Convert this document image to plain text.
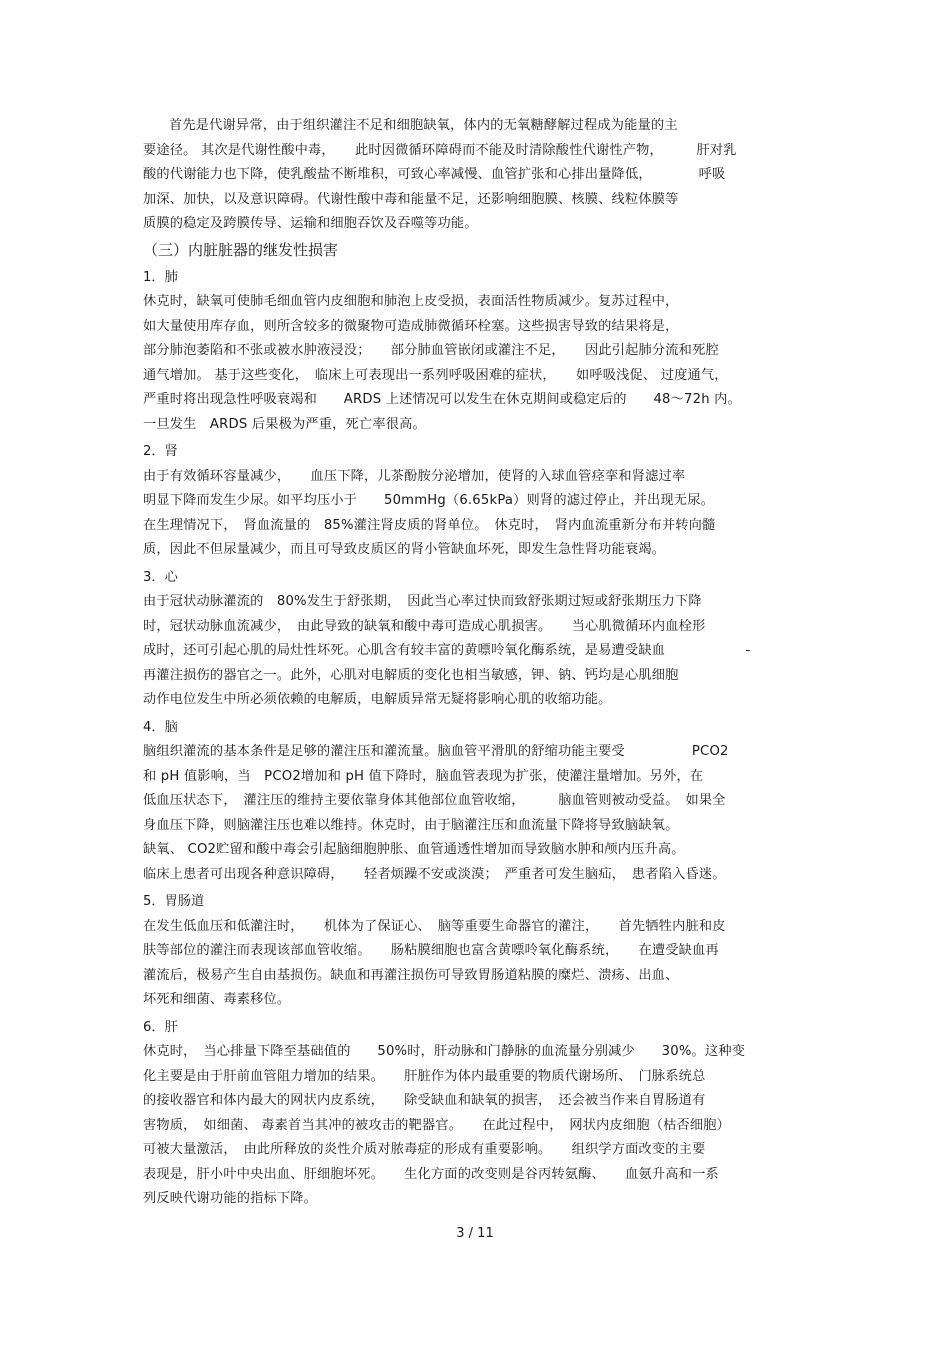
首先是代谢异常，由于组织灌注不足和细胞缺氧，体内的无氧糖酵解过程成为能量的主
要途径。 其次是代谢性酸中毒，　　此时因微循环障碍而不能及时清除酸性代谢性产物，　　　肝对乳
酸的代谢能力也下降，使乳酸盐不断堆积，可致心率减慢、血管扩张和心排出量降低，　　　　呼吸
加深、加快，以及意识障碍。代谢性酸中毒和能量不足，还影响细胞膜、核膜、线粒体膜等
质膜的稳定及跨膜传导、运输和细胞吞饮及吞噬等功能。
（三）内脏脏器的继发性损害
1．肺
休克时，缺氧可使肺毛细血管内皮细胞和肺泡上皮受损，表面活性物质减少。复苏过程中，
如大量使用库存血，则所含较多的微聚物可造成肺微循环栓塞。这些损害导致的结果将是，
部分肺泡萎陷和不张或被水肿液浸没；　　部分肺血管嵌闭或灌注不足，　　因此引起肺分流和死腔
通气增加。 基于这些变化，　临床上可表现出一系列呼吸困难的症状，　　如呼吸浅促、 过度通气，
严重时将出现急性呼吸衰竭和　　ARDS 上述情况可以发生在休克期间或稳定后的　　48～72h 内。
一旦发生　ARDS 后果极为严重，死亡率很高。
2．肾
由于有效循环容量减少，　　血压下降，儿茶酚胺分泌增加，使肾的入球血管痉挛和肾滤过率
明显下降而发生少尿。如平均压小于　　50mmHg（6.65kPa）则肾的滤过停止，并出现无尿。
在生理情况下，　肾血流量的　85%灌注肾皮质的肾单位。　休克时，　肾内血流重新分布并转向髓
质，因此不但尿量减少，而且可导致皮质区的肾小管缺血坏死，即发生急性肾功能衰竭。
3．心
由于冠状动脉灌流的　80%发生于舒张期，　因此当心率过快而致舒张期过短或舒张期压力下降
时，冠状动脉血流减少，　由此导致的缺氧和酸中毒可造成心肌损害。　　当心肌微循环内血栓形
成时，还可引起心肌的局灶性坏死。心肌含有较丰富的黄嘌呤氧化酶系统，是易遭受缺血　　　　　　-
再灌注损伤的器官之一。此外，心肌对电解质的变化也相当敏感，钾、钠、钙均是心肌细胞
动作电位发生中所必须依赖的电解质，电解质异常无疑将影响心肌的收缩功能。
4．脑
脑组织灌流的基本条件是足够的灌注压和灌流量。脑血管平滑肌的舒缩功能主要受　　　　　PCO2
和 pH 值影响，当　PCO2增加和 pH 值下降时，脑血管表现为扩张，使灌注量增加。另外，在
低血压状态下，　灌注压的维持主要依靠身体其他部位血管收缩，　　　脑血管则被动受益。　如果全
身血压下降，则脑灌注压也难以维持。休克时，由于脑灌注压和血流量下降将导致脑缺氧。
缺氧、 CO2贮留和酸中毒会引起脑细胞肿胀、血管通透性增加而导致脑水肿和颅内压升高。
临床上患者可出现各种意识障碍，　　轻者烦躁不安或淡漠；　严重者可发生脑疝，　患者陷入昏迷。
5．胃肠道
在发生低血压和低灌注时，　　机体为了保证心、　脑等重要生命器官的灌注，　　首先牺牲内脏和皮
肤等部位的灌注而表现该部血管收缩。　　肠粘膜细胞也富含黄嘌呤氧化酶系统，　　在遭受缺血再
灌流后，极易产生自由基损伤。缺血和再灌注损伤可导致胃肠道粘膜的糜烂、溃疡、出血、
坏死和细菌、毒素移位。
6．肝
休克时，　当心排量下降至基础值的　　50%时，肝动脉和门静脉的血流量分别减少　　30%。这种变
化主要是由于肝前血管阻力增加的结果。　　肝脏作为体内最重要的物质代谢场所、　门脉系统总
的接收器官和体内最大的网状内皮系统，　　除受缺血和缺氧的损害，　还会被当作来自胃肠道有
害物质，　如细菌、 毒素首当其冲的被攻击的靶器官。　　在此过程中，　网状内皮细胞（枯否细胞）
可被大量激活，　由此所释放的炎性介质对脓毒症的形成有重要影响。　　组织学方面改变的主要
表现是，肝小叶中央出血、肝细胞坏死。　　生化方面的改变则是谷丙转氨酶、　　血氨升高和一系
列反映代谢功能的指标下降。
3 / 11
